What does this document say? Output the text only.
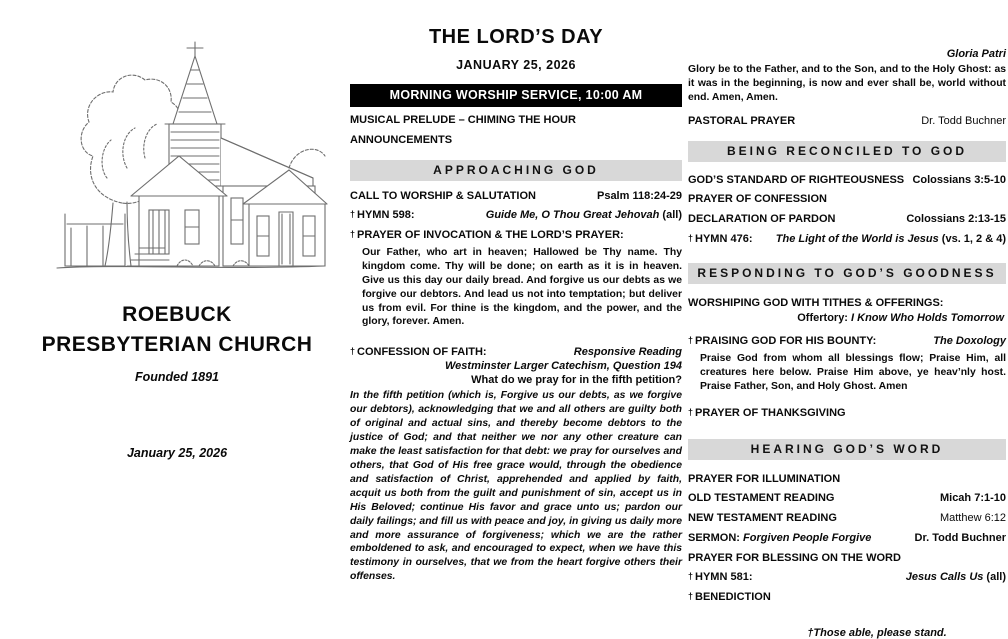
ROEBUCK
PRESBYTERIAN CHURCH
Founded 1891
January 25, 2026
THE LORD’S DAY
JANUARY 25, 2026
MORNING WORSHIP SERVICE, 10:00 AM
MUSICAL PRELUDE – CHIMING THE HOUR
ANNOUNCEMENTS
APPROACHING GOD
CALL TO WORSHIP & SALUTATION	Psalm 118:24-29
† HYMN 598:	Guide Me, O Thou Great Jehovah (all)
† PRAYER OF INVOCATION & THE LORD’S PRAYER:
Our Father, who art in heaven; Hallowed be Thy name. Thy kingdom come. Thy will be done; on earth as it is in heaven. Give us this day our daily bread. And forgive us our debts as we forgive our debtors. And lead us not into temptation; but deliver us from evil. For thine is the kingdom, and the power, and the glory, forever. Amen.
† CONFESSION OF FAITH:	Responsive Reading
Westminster Larger Catechism, Question 194
What do we pray for in the fifth petition?
In the fifth petition (which is, Forgive us our debts, as we forgive our debtors), acknowledging that we and all others are guilty both of original and actual sins, and thereby become debtors to the justice of God; and that neither we nor any other creature can make the least satisfaction for that debt: we pray for ourselves and others, that God of His free grace would, through the obedience and satisfaction of Christ, apprehended and applied by faith, acquit us both from the guilt and punishment of sin, accept us in His Beloved; continue His favor and grace unto us; pardon our daily failings; and fill us with peace and joy, in giving us daily more and more assurance of forgiveness; which we are the rather emboldened to ask, and encouraged to expect, when we have this testimony in ourselves, that we from the heart forgive others their offenses.
Gloria Patri
Glory be to the Father, and to the Son, and to the Holy Ghost: as it was in the beginning, is now and ever shall be, world without end. Amen, Amen.
PASTORAL PRAYER	Dr. Todd Buchner
BEING RECONCILED TO GOD
GOD’S STANDARD OF RIGHTEOUSNESS Colossians 3:5-10
PRAYER OF CONFESSION
DECLARATION OF PARDON	Colossians 2:13-15
† HYMN 476: The Light of the World is Jesus (vs. 1, 2 & 4)
RESPONDING TO GOD’S GOODNESS
WORSHIPING GOD WITH TITHES & OFFERINGS:
Offertory: I Know Who Holds Tomorrow
† PRAISING GOD FOR HIS BOUNTY:	The Doxology
Praise God from whom all blessings flow; Praise Him, all creatures here below. Praise Him above, ye heav’nly host. Praise Father, Son, and Holy Ghost. Amen
† PRAYER OF THANKSGIVING
HEARING GOD’S WORD
PRAYER FOR ILLUMINATION
OLD TESTAMENT READING	Micah 7:1-10
NEW TESTAMENT READING	Matthew 6:12
SERMON: Forgiven People Forgive	Dr. Todd Buchner
PRAYER FOR BLESSING ON THE WORD
† HYMN 581:	Jesus Calls Us (all)
† BENEDICTION
†Those able, please stand.
